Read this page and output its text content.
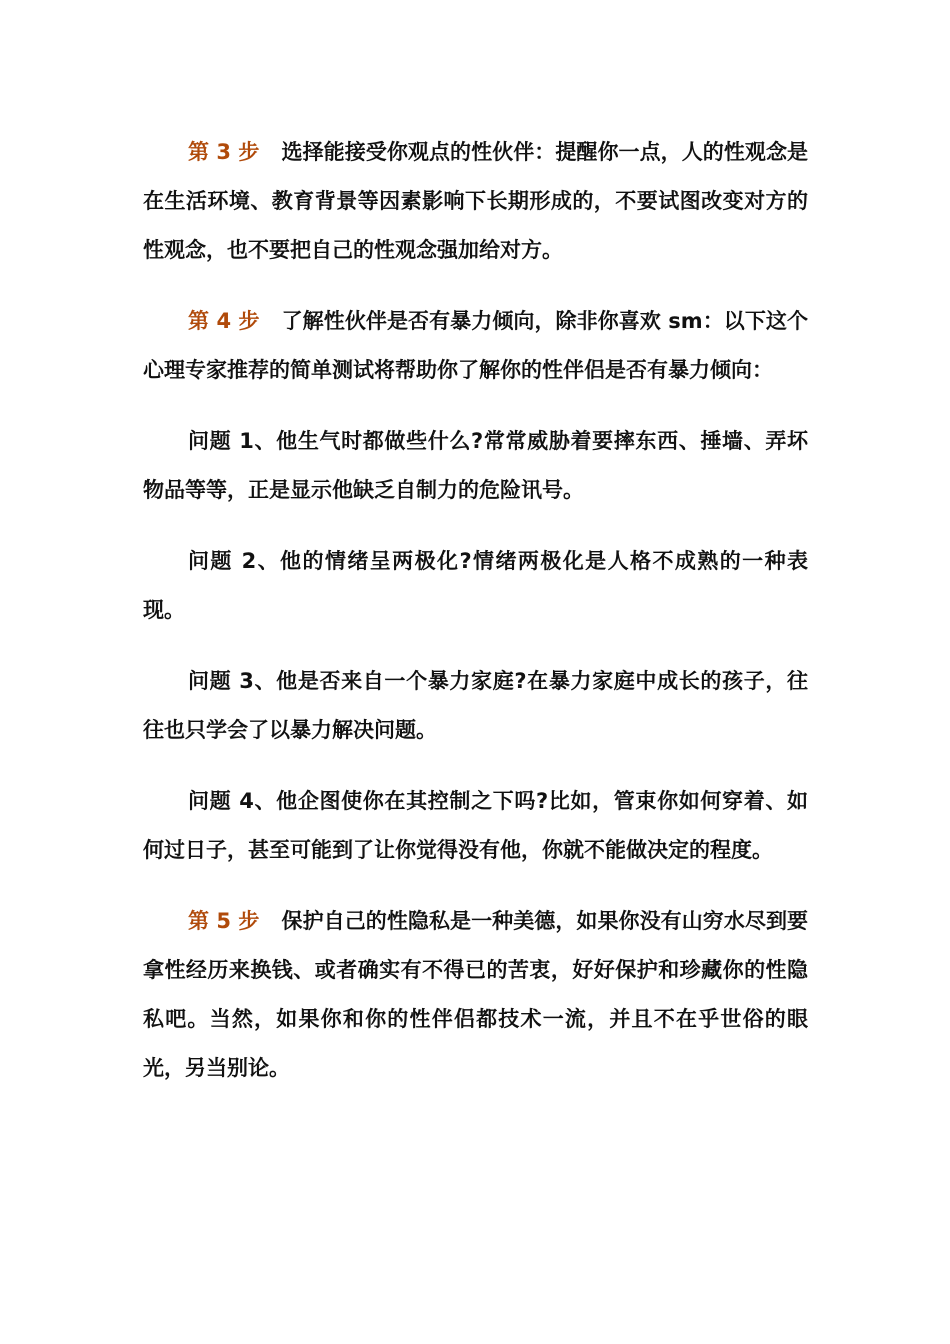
第 3 步 选择能接受你观点的性伙伴：提醒你一点，人的性观念是在生活环境、教育背景等因素影响下长期形成的，不要试图改变对方的性观念，也不要把自己的性观念强加给对方。

第 4 步 了解性伙伴是否有暴力倾向，除非你喜欢 sm：以下这个心理专家推荐的简单测试将帮助你了解你的性伴侣是否有暴力倾向：

问题 1、他生气时都做些什么?常常威胁着要摔东西、捶墙、弄坏物品等等，正是显示他缺乏自制力的危险讯号。

问题 2、他的情绪呈两极化?情绪两极化是人格不成熟的一种表现。

问题 3、他是否来自一个暴力家庭?在暴力家庭中成长的孩子，往往也只学会了以暴力解决问题。

问题 4、他企图使你在其控制之下吗?比如，管束你如何穿着、如何过日子，甚至可能到了让你觉得没有他，你就不能做决定的程度。

第 5 步 保护自己的性隐私是一种美德，如果你没有山穷水尽到要拿性经历来换钱、或者确实有不得已的苦衷，好好保护和珍藏你的性隐私吧。当然，如果你和你的性伴侣都技术一流，并且不在乎世俗的眼光，另当别论。
